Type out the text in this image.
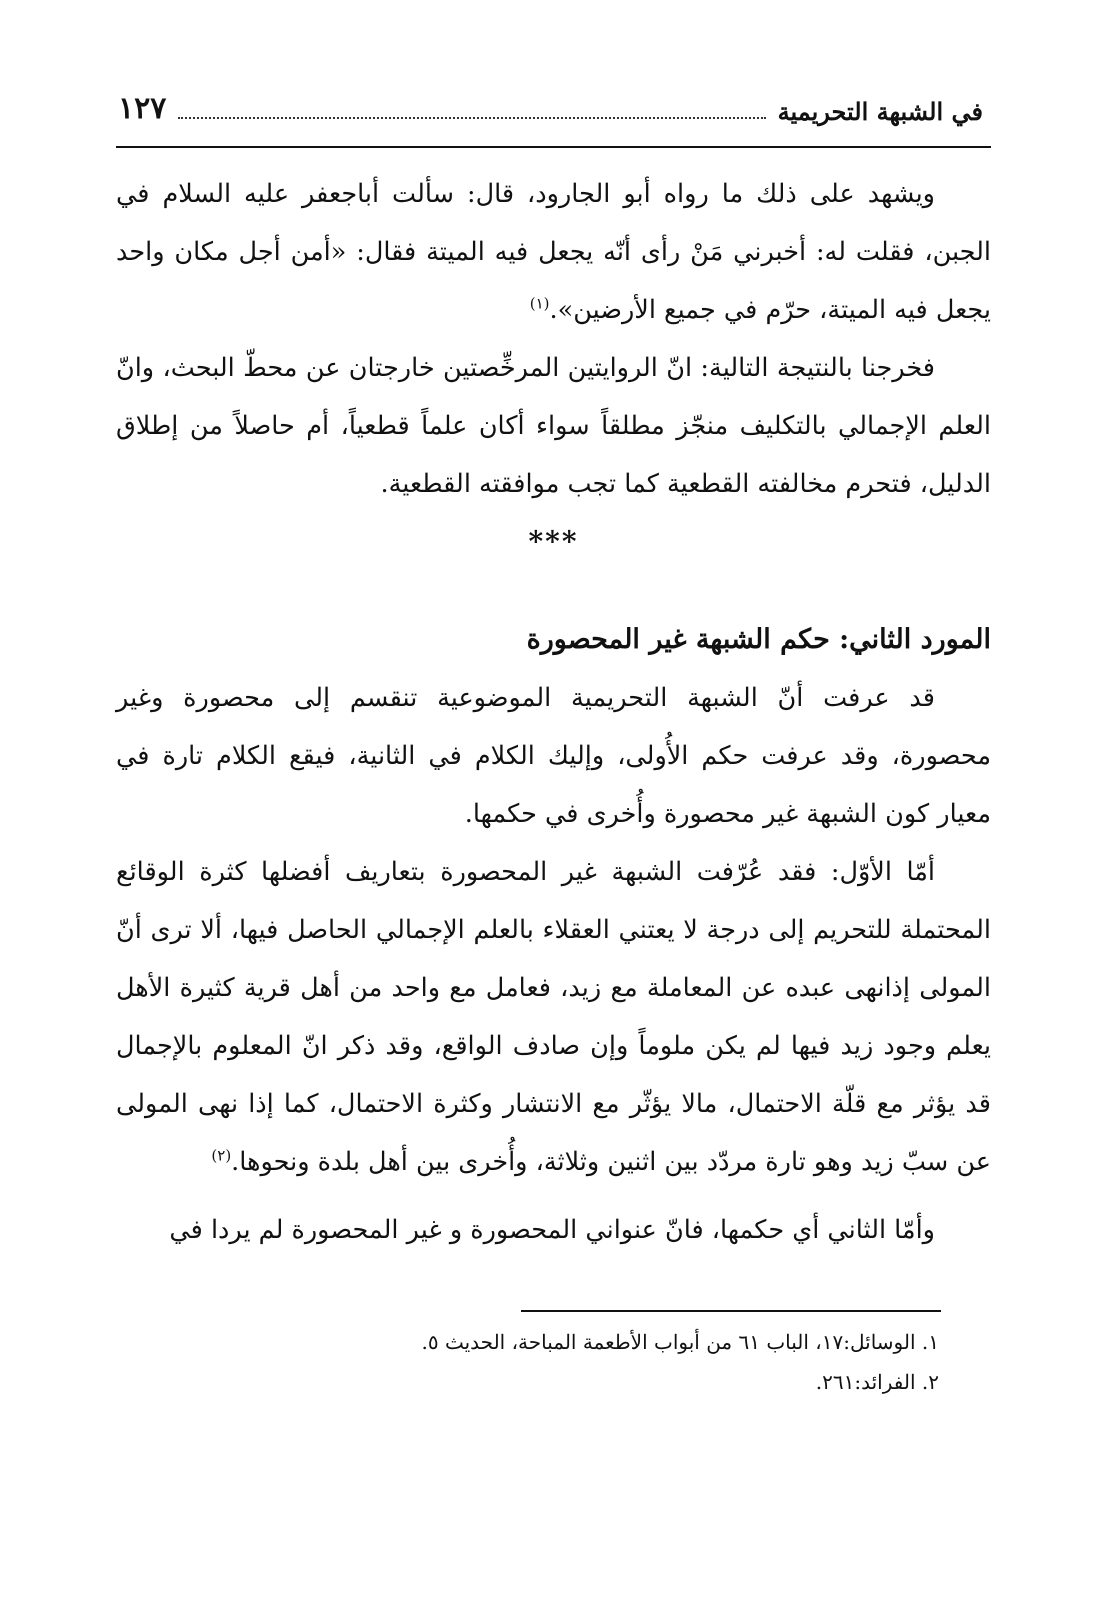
في الشبهة التحريمية
١٢٧

ويشهد على ذلك ما رواه أبو الجارود، قال: سألت أباجعفر عليه السلام في الجبن، فقلت له: أخبرني مَنْ رأى أنّه يجعل فيه الميتة فقال: «أمن أجل مكان واحد يجعل فيه الميتة، حرّم في جميع الأرضين».$^{(١)}$

فخرجنا بالنتيجة التالية: انّ الروايتين المرخِّصتين خارجتان عن محطّ البحث، وانّ العلم الإجمالي بالتكليف منجّز مطلقاً سواء أكان علماً قطعياً، أم حاصلاً من إطلاق الدليل، فتحرم مخالفته القطعية كما تجب موافقته القطعية.

***
المورد الثاني: حكم الشبهة غير المحصورة

قد عرفت أنّ الشبهة التحريمية الموضوعية تنقسم إلى محصورة وغير محصورة، وقد عرفت حكم الأُولى، وإليك الكلام في الثانية، فيقع الكلام تارة في معيار كون الشبهة غير محصورة وأُخرى في حكمها.

أمّا الأوّل: فقد عُرّفت الشبهة غير المحصورة بتعاريف أفضلها كثرة الوقائع المحتملة للتحريم إلى درجة لا يعتني العقلاء بالعلم الإجمالي الحاصل فيها، ألا ترى أنّ المولى إذانهى عبده عن المعاملة مع زيد، فعامل مع واحد من أهل قرية كثيرة الأهل يعلم وجود زيد فيها لم يكن ملوماً وإن صادف الواقع، وقد ذكر انّ المعلوم بالإجمال قد يؤثر مع قلّة الاحتمال، مالا يؤثّر مع الانتشار وكثرة الاحتمال، كما إذا نهى المولى عن سبّ زيد وهو تارة مردّد بين اثنين وثلاثة، وأُخرى بين أهل بلدة ونحوها.$^{(٢)}$

وأمّا الثاني أي حكمها، فانّ عنواني المحصورة و غير المحصورة لم يردا في

١. الوسائل:١٧، الباب ٦١ من أبواب الأطعمة المباحة، الحديث ٥.

٢. الفرائد:٢٦١.
